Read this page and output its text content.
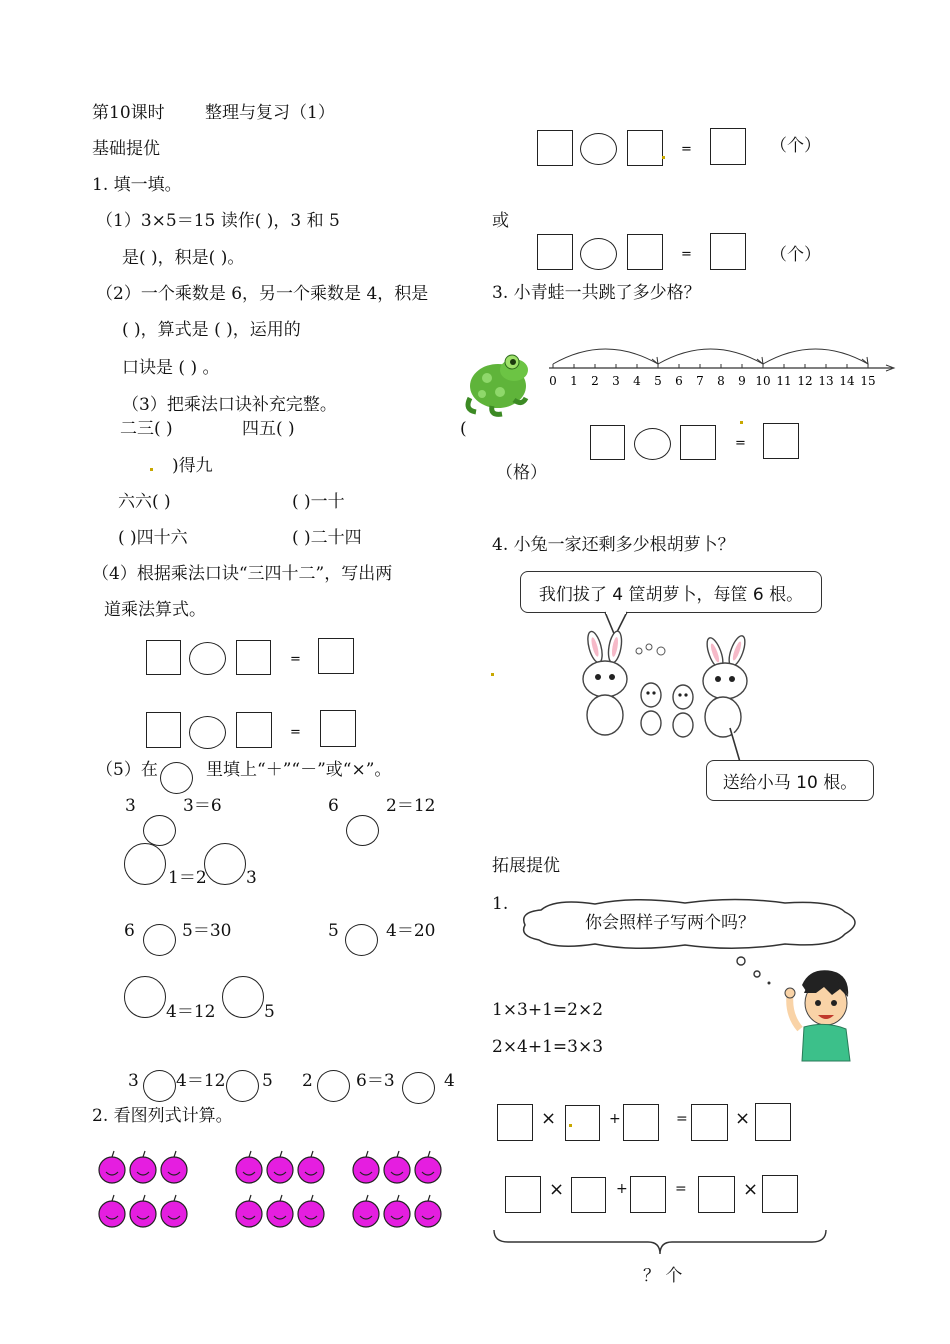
第10课时 整理与复习（1）
基础提优
1. 填一填。
（1）3×5＝15 读作( )，3 和 5
是( )，积是( )。
（2）一个乘数是 6，另一个乘数是 4，积是
( )，算式是 ( )，运用的
口诀是 ( ) 。
（3）把乘法口诀补充完整。
二三( )	四五( )	(
)得九
六六( )	( )一十
( )四十六	( )二十四
（4）根据乘法口诀“三四十二”，写出两
道乘法算式。
=
=
（5）在	里填上“＋”“－”或“×”。
3	3＝6	6	2＝12
1＝2 3
6	5＝30	5	4＝20
4＝12	5
3 4＝12 5 2	6＝3	4
2. 看图列式计算。
=	（个）
或
=	（个）
3. 小青蛙一共跳了多少格？
0 1 2 3 4 5 6 7 8 9 10 11 12 13 14 15
=
（格）
4. 小兔一家还剩多少根胡萝卜？
我们拔了 4 筐胡萝卜，每筐 6 根。
送给小马 10 根。
拓展提优
1.
你会照样子写两个吗？
1×3+1=2×2
2×4+1=3×3
×	+	=	×
×	+	=	×
？ 个
